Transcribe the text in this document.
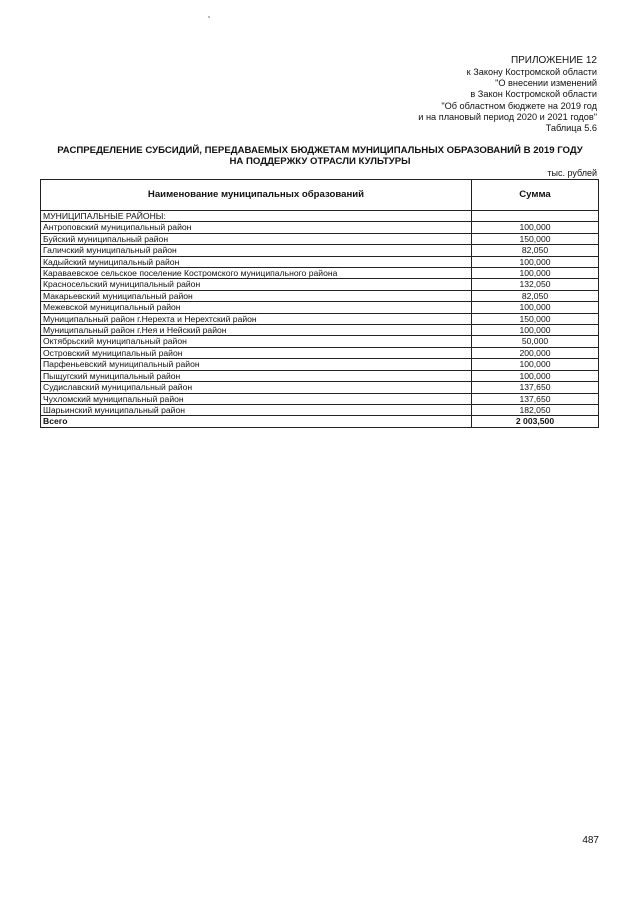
ПРИЛОЖЕНИЕ 12
к Закону Костромской области
"О внесении изменений
в Закон Костромской области
"Об областном бюджете на 2019 год
и на плановый период 2020 и 2021 годов"
Таблица 5.6
РАСПРЕДЕЛЕНИЕ СУБСИДИЙ, ПЕРЕДАВАЕМЫХ БЮДЖЕТАМ МУНИЦИПАЛЬНЫХ ОБРАЗОВАНИЙ В 2019 ГОДУ
НА ПОДДЕРЖКУ ОТРАСЛИ КУЛЬТУРЫ
тыс. рублей
Наименование муниципальных образований	Сумма
МУНИЦИПАЛЬНЫЕ РАЙОНЫ:	
Антроповский муниципальный район	100,000
Буйский муниципальный район	150,000
Галичский муниципальный район	82,050
Кадыйский муниципальный район	100,000
Караваевское сельское поселение Костромского муниципального района	100,000
Красносельский муниципальный район	132,050
Макарьевский муниципальный район	82,050
Межевской муниципальный район	100,000
Муниципальный район г.Нерехта и Нерехтский район	150,000
Муниципальный район г.Нея и Нейский район	100,000
Октябрьский муниципальный район	50,000
Островский муниципальный район	200,000
Парфеньевский муниципальный район	100,000
Пыщугский муниципальный район	100,000
Судиславский муниципальный район	137,650
Чухломский муниципальный район	137,650
Шарьинский муниципальный район	182,050
Всего	2 003,500
487
